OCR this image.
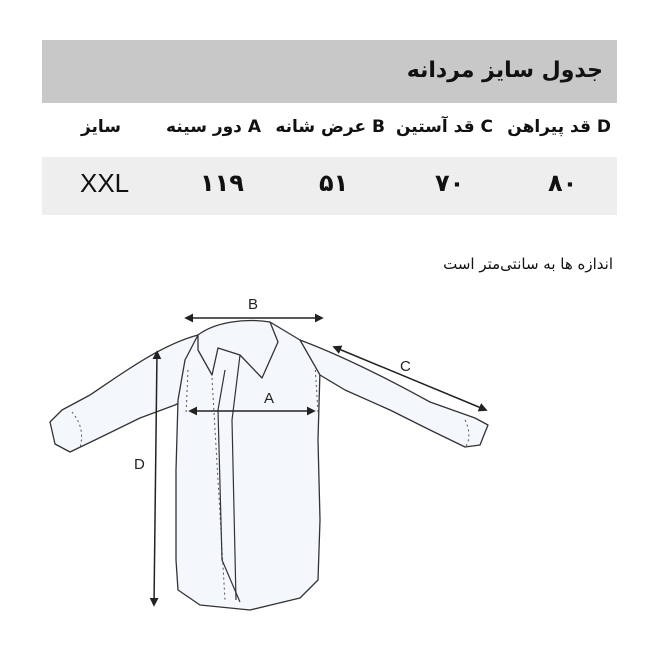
جدول سایز مردانه
D قد پیراهن
C قد آستین
B عرض شانه
A دور سینه
سایز
۸۰
۷۰
۵۱
۱۱۹
XXL
اندازه ها به سانتی‌متر است
B
A
C
D
